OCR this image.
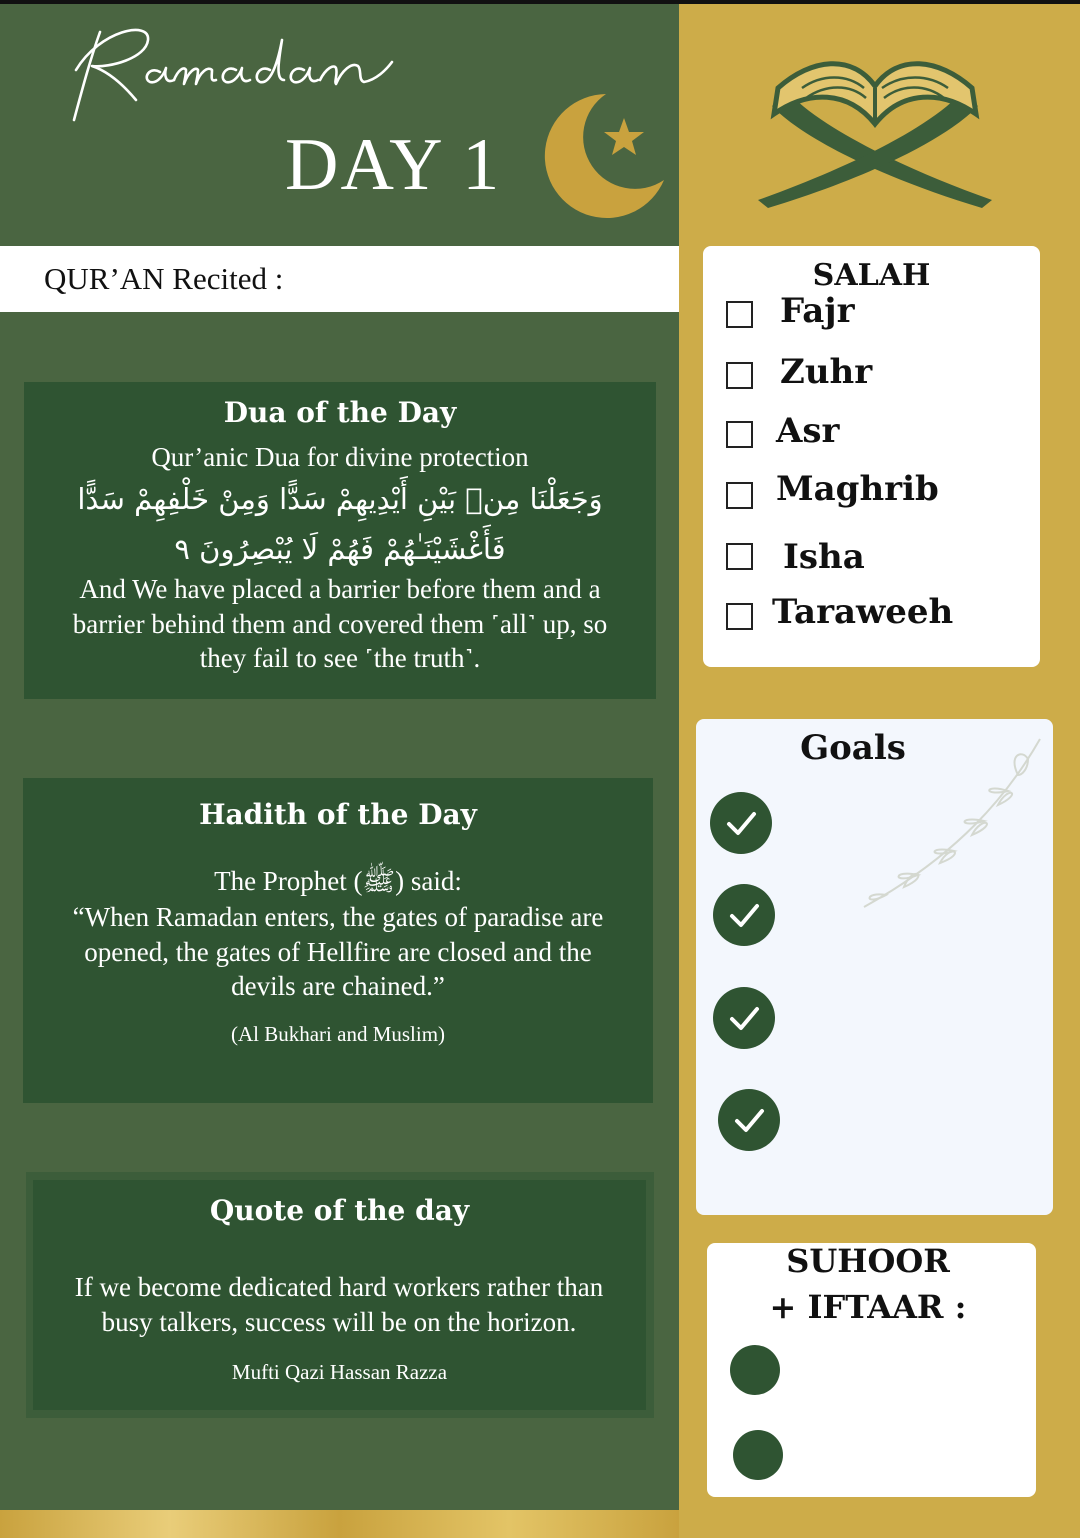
DAY 1
QUR’AN Recited :
Dua of the Day

Qur’anic Dua for divine protection

وَجَعَلْنَا مِنۢ بَيْنِ أَيْدِيهِمْ سَدًّا وَمِنْ خَلْفِهِمْ سَدًّا

فَأَغْشَيْنَـٰهُمْ فَهُمْ لَا يُبْصِرُونَ ٩

And We have placed a barrier before them and a barrier behind them and covered them ˹all˺ up, so they fail to see ˹the truth˺.

Hadith of the Day

The Prophet (ﷺ) said:

“When Ramadan enters, the gates of paradise are opened, the gates of Hellfire are closed and the devils are chained.”

(Al Bukhari and Muslim)

Quote of the day

If we become dedicated hard workers rather than busy talkers, success will be on the horizon.

Mufti Qazi Hassan Razza

SALAH
Fajr
Zuhr
Asr
Maghrib
Isha
Taraweeh
Goals
SUHOOR
+ IFTAAR :
